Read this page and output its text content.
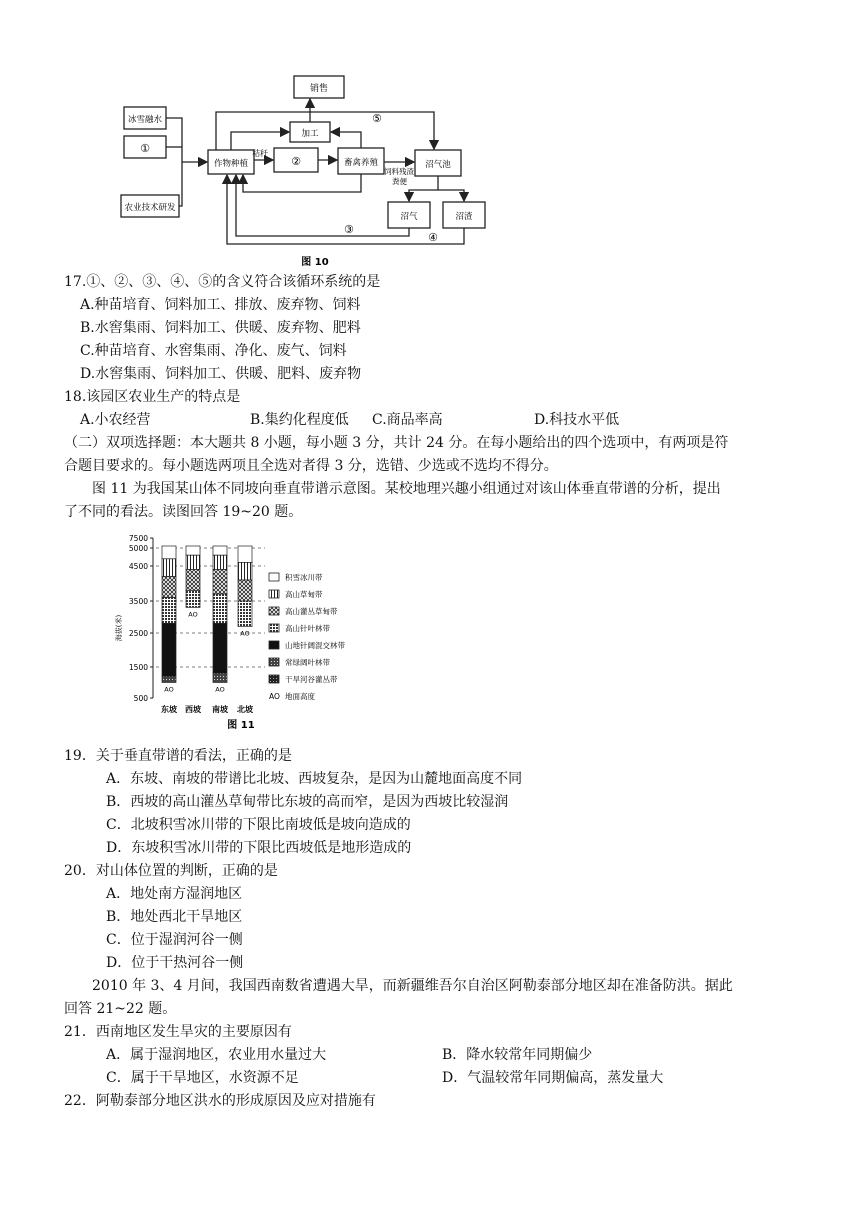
销售
冰雪融水
①
农业技术研发
作物种植	②
加工
畜禽养殖	沼气池
沼气	沼渣
秸秆
饲料残渣
粪便
⑤
③
④
图 10
17.①、②、③、④、⑤的含义符合该循环系统的是
A.种苗培育、饲料加工、排放、废弃物、饲料
B.水窖集雨、饲料加工、供暖、废弃物、肥料
C.种苗培育、水窖集雨、净化、废气、饲料
D.水窖集雨、饲料加工、供暖、肥料、废弃物
18.该园区农业生产的特点是
A.小农经营	B.集约化程度低 C.商品率高	D.科技水平低
（二）双项选择题：本大题共 8 小题，每小题 3 分，共计 24 分。在每小题给出的四个选项中，有两项是符
合题目要求的。每小题选两项且全选对者得 3 分，选错、少选或不选均不得分。
图 11 为我国某山体不同坡向垂直带谱示意图。某校地理兴趣小组通过对该山体垂直带谱的分析，提出
了不同的看法。读图回答 19~20 题。
7500
5000
4500
3500
2500
1500
500
AO
东坡
AO
西坡
AO
南坡
AO
北坡
海拔(米)
积雪冰川带
高山草甸带
高山灌丛草甸带
高山针叶林带
山地针阔混交林带
常绿阔叶林带
干旱河谷灌丛带
AO 地面高度
图 11
19．关于垂直带谱的看法，正确的是
A．东坡、南坡的带谱比北坡、西坡复杂，是因为山麓地面高度不同
B．西坡的高山灌丛草甸带比东坡的高而窄，是因为西坡比较湿润
C．北坡积雪冰川带的下限比南坡低是坡向造成的
D．东坡积雪冰川带的下限比西坡低是地形造成的
20．对山体位置的判断，正确的是
A．地处南方湿润地区
B．地处西北干旱地区
C．位于湿润河谷一侧
D．位于干热河谷一侧
2010 年 3、4 月间，我国西南数省遭遇大旱，而新疆维吾尔自治区阿勒泰部分地区却在准备防洪。据此
回答 21~22 题。
21．西南地区发生旱灾的主要原因有
A．属于湿润地区，农业用水量过大	B．降水较常年同期偏少
C．属于干旱地区，水资源不足	D．气温较常年同期偏高，蒸发量大
22．阿勒泰部分地区洪水的形成原因及应对措施有
